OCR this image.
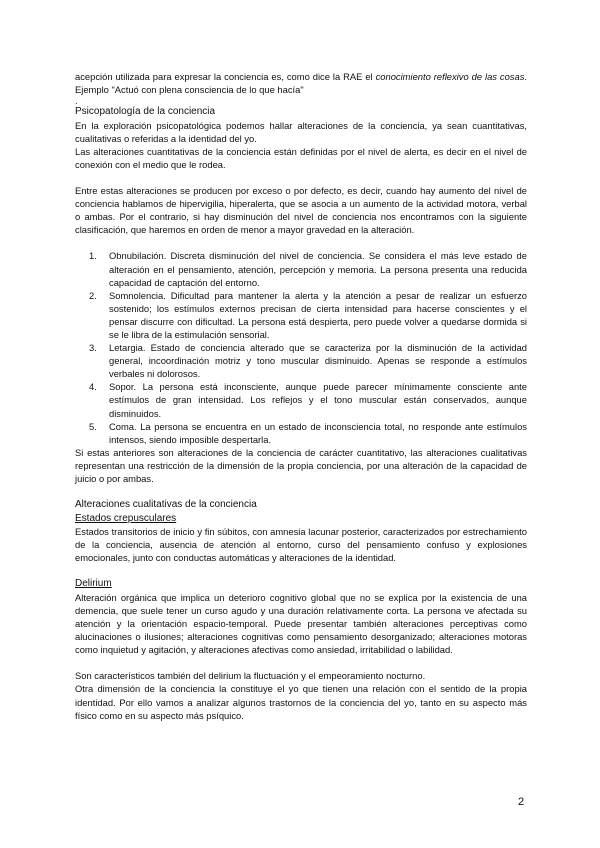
acepción utilizada para expresar la conciencia es, como dice la RAE el conocimiento reflexivo de las cosas. Ejemplo "Actuó con plena consciencia de lo que hacía"

.

Psicopatología de la conciencia

En la exploración psicopatológica podemos hallar alteraciones de la conciencia, ya sean cuantitativas, cualitativas o referidas a la identidad del yo.

Las alteraciones cuantitativas de la conciencia están definidas por el nivel de alerta, es decir en el nivel de conexión con el medio que le rodea.

Entre estas alteraciones se producen por exceso o por defecto, es decir, cuando hay aumento del nivel de conciencia hablamos de hipervigilia, hiperalerta, que se asocia a un aumento de la actividad motora, verbal o ambas. Por el contrario, si hay disminución del nivel de conciencia nos encontramos con la siguiente clasificación, que haremos en orden de menor a mayor gravedad en la alteración.

1. Obnubilación. Discreta disminución del nivel de conciencia. Se considera el más leve estado de alteración en el pensamiento, atención, percepción y memoria. La persona presenta una reducida capacidad de captación del entorno.
2. Somnolencia. Dificultad para mantener la alerta y la atención a pesar de realizar un esfuerzo sostenido; los estímulos externos precisan de cierta intensidad para hacerse conscientes y el pensar discurre con dificultad. La persona está despierta, pero puede volver a quedarse dormida si se le libra de la estimulación sensorial.
3. Letargia. Estado de conciencia alterado que se caracteriza por la disminución de la actividad general, incoordinación motriz y tono muscular disminuido. Apenas se responde a estímulos verbales ni dolorosos.
4. Sopor. La persona está inconsciente, aunque puede parecer mínimamente consciente ante estímulos de gran intensidad. Los reflejos y el tono muscular están conservados, aunque disminuidos.
5. Coma. La persona se encuentra en un estado de inconsciencia total, no responde ante estímulos intensos, siendo imposible despertarla.

Si estas anteriores son alteraciones de la conciencia de carácter cuantitativo, las alteraciones cualitativas representan una restricción de la dimensión de la propia conciencia, por una alteración de la capacidad de juicio o por ambas.

Alteraciones cualitativas de la conciencia

Estados crepusculares

Estados transitorios de inicio y fin súbitos, con amnesia lacunar posterior, caracterizados por estrechamiento de la conciencia, ausencia de atención al entorno, curso del pensamiento confuso y explosiones emocionales, junto con conductas automáticas y alteraciones de la identidad.

Delirium

Alteración orgánica que implica un deterioro cognitivo global que no se explica por la existencia de una demencia, que suele tener un curso agudo y una duración relativamente corta. La persona ve afectada su atención y la orientación espacio-temporal. Puede presentar también alteraciones perceptivas como alucinaciones o ilusiones; alteraciones cognitivas como pensamiento desorganizado; alteraciones motoras como inquietud y agitación, y alteraciones afectivas como ansiedad, irritabilidad o labilidad.

Son característicos también del delirium la fluctuación y el empeoramiento nocturno.

Otra dimensión de la conciencia la constituye el yo que tienen una relación con el sentido de la propia identidad. Por ello vamos a analizar algunos trastornos de la conciencia del yo, tanto en su aspecto más físico como en su aspecto más psíquico.

2
